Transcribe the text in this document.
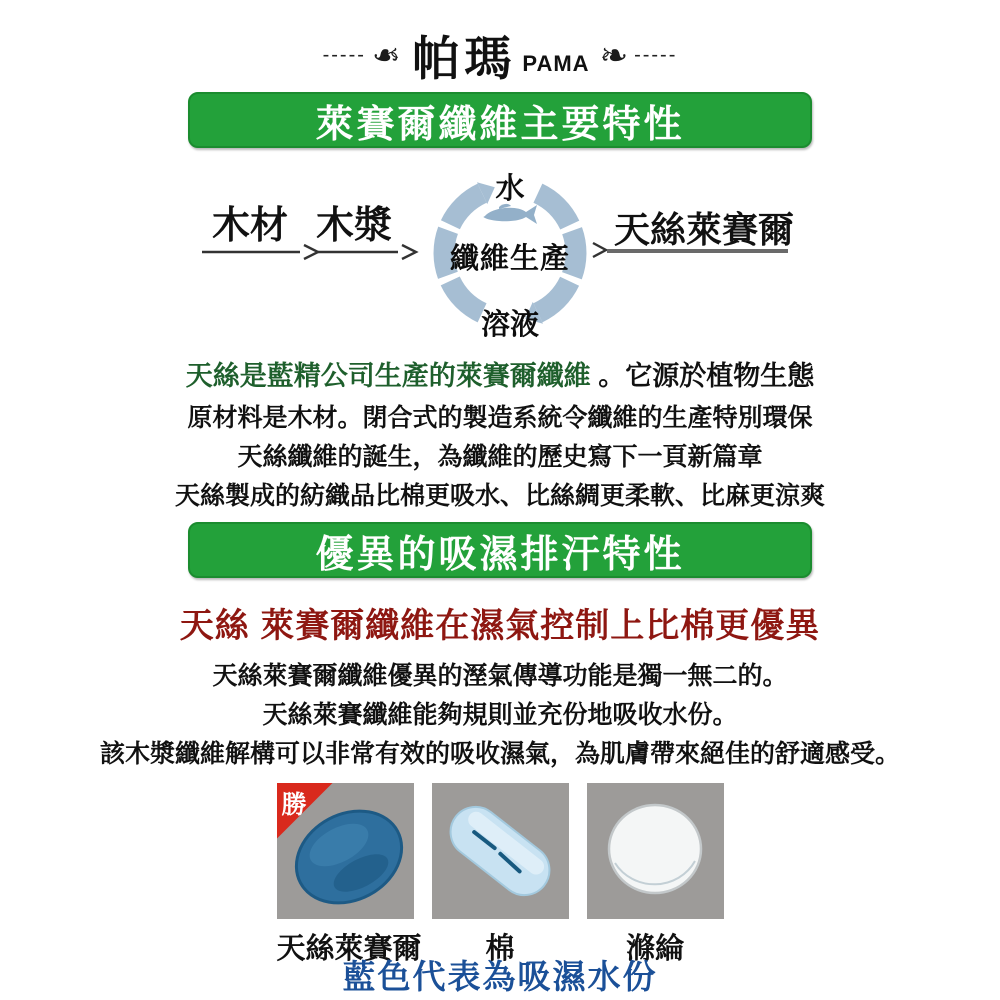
----- ❧ 帕瑪 PAMA ❧ -----
萊賽爾纖維主要特性
木材 木漿
水
纖維生產
溶液
天絲萊賽爾
天絲是藍精公司生產的萊賽爾纖維 。它源於植物生態
原材料是木材。閉合式的製造系統令纖維的生產特別環保
天絲纖維的誕生，為纖維的歷史寫下一頁新篇章
天絲製成的紡織品比棉更吸水、比絲綢更柔軟、比麻更涼爽
優異的吸濕排汗特性
天絲 萊賽爾纖維在濕氣控制上比棉更優異
天絲萊賽爾纖維優異的溼氣傳導功能是獨一無二的。
天絲萊賽纖維能夠規則並充份地吸收水份。
該木漿纖維解構可以非常有效的吸收濕氣，為肌膚帶來絕佳的舒適感受。
勝
天絲萊賽爾	棉	滌綸
藍色代表為吸濕水份
